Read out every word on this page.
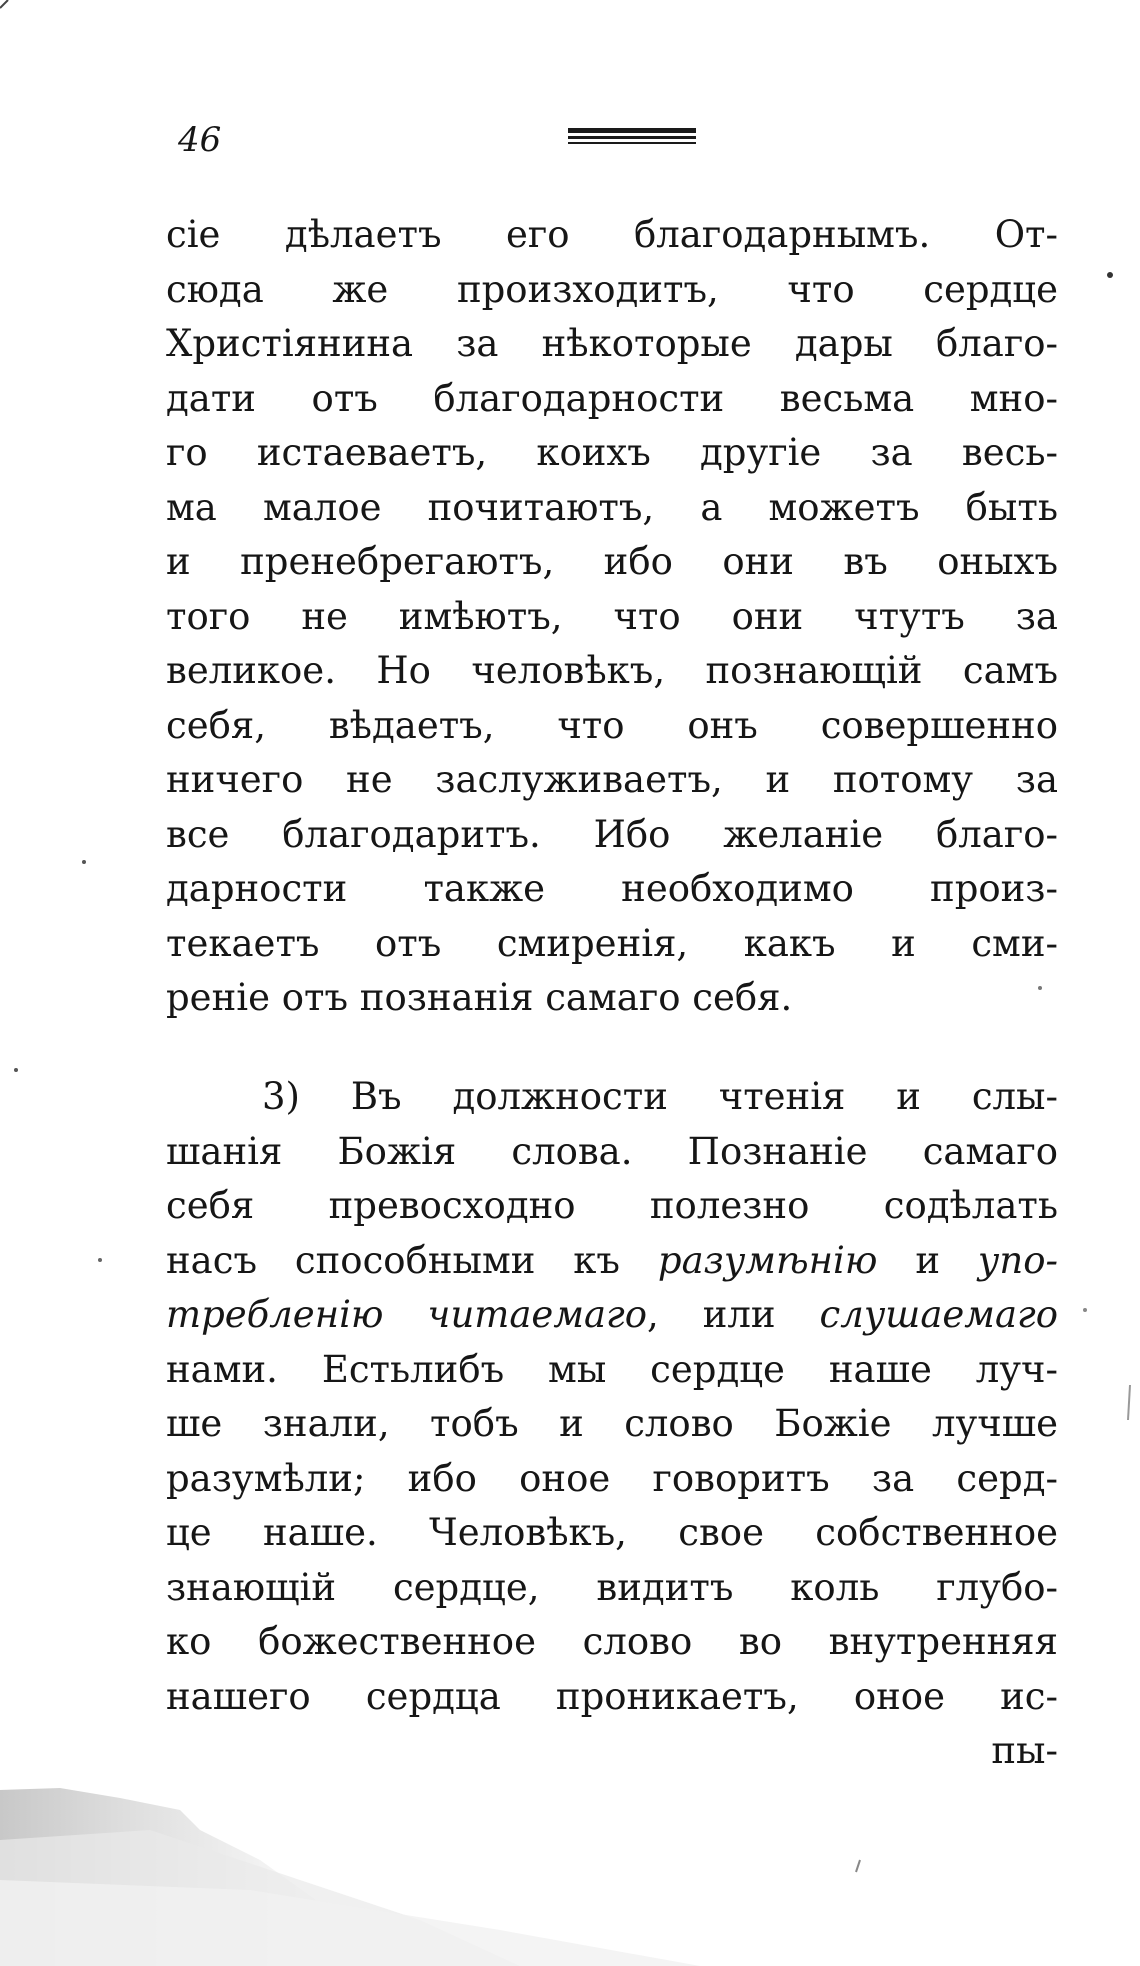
46
сіе дѣлаетъ его благодарнымъ. От-
сюда же произходитъ, что сердце
Христіянина за нѣкоторые дары благо-
дати отъ благодарности весьма мно-
го истаеваетъ, коихъ другіе за весь-
ма малое почитаютъ, а можетъ быть
и пренебрегаютъ, ибо они въ оныхъ
того не имѣютъ, что они чтутъ за
великое. Но человѣкъ, познающій самъ
себя, вѣдаетъ, что онъ совершенно
ничего не заслуживаетъ, и потому за
все благодаритъ. Ибо желаніе благо-
дарности также необходимо произ-
текаетъ отъ смиренія, какъ и сми-
реніе отъ познанія самаго себя.
3) Въ должности чтенія и слы-
шанія Божія слова. Познаніе самаго
себя превосходно полезно содѣлать
насъ способными къ разумѣнію и упо-
требленію читаемаго, или слушаемаго
нами. Естьлибъ мы сердце наше луч-
ше знали, тобъ и слово Божіе лучше
разумѣли; ибо оное говоритъ за серд-
це наше. Человѣкъ, свое собственное
знающій сердце, видитъ коль глубо-
ко божественное слово во внутренняя
нашего сердца проникаетъ, оное ис-
пы-
